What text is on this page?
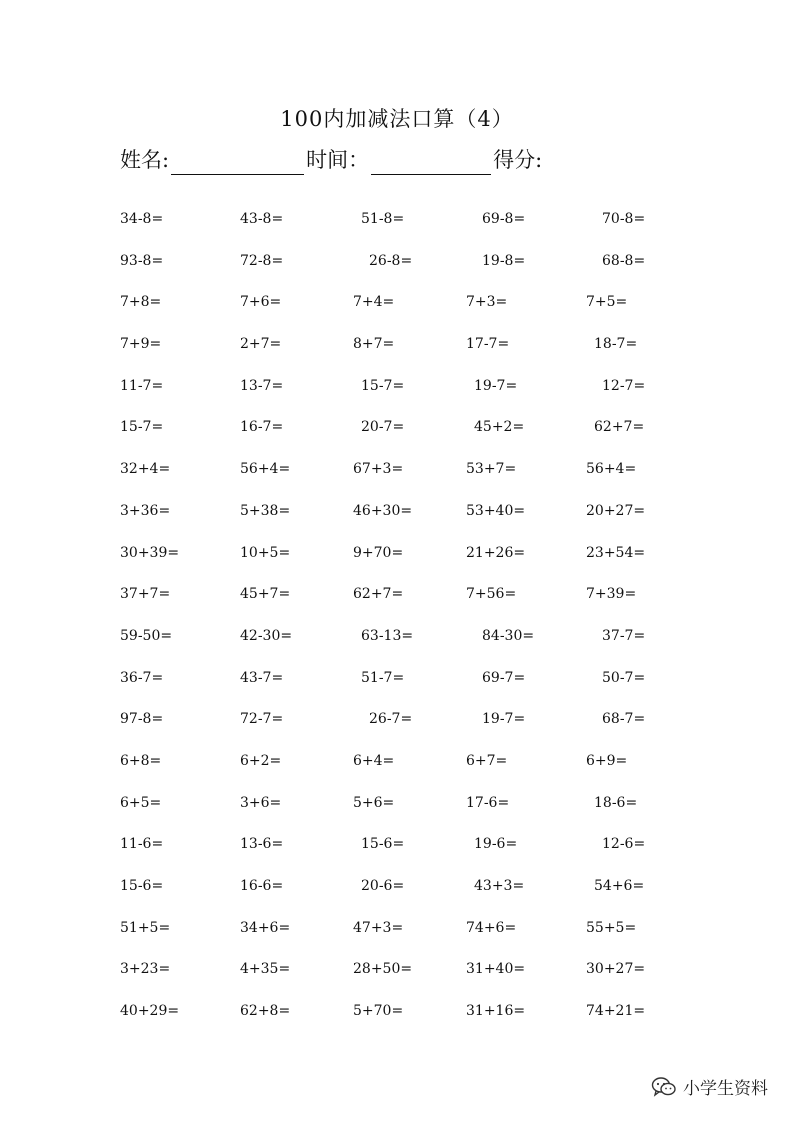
100内加减法口算（4）
姓名:	时间：	得分:
34-8=	43-8=	51-8=	69-8=	70-8=
93-8=	72-8=	26-8=	19-8=	68-8=
7+8=	7+6=	7+4=	7+3=	7+5=
7+9=	2+7=	8+7=	17-7=	18-7=
11-7=	13-7=	15-7=	19-7=	12-7=
15-7=	16-7=	20-7=	45+2=	62+7=
32+4=	56+4=	67+3=	53+7=	56+4=
3+36=	5+38=	46+30=	53+40=	20+27=
30+39=	10+5=	9+70=	21+26=	23+54=
37+7=	45+7=	62+7=	7+56=	7+39=
59-50=	42-30=	63-13=	84-30=	37-7=
36-7=	43-7=	51-7=	69-7=	50-7=
97-8=	72-7=	26-7=	19-7=	68-7=
6+8=	6+2=	6+4=	6+7=	6+9=
6+5=	3+6=	5+6=	17-6=	18-6=
11-6=	13-6=	15-6=	19-6=	12-6=
15-6=	16-6=	20-6=	43+3=	54+6=
51+5=	34+6=	47+3=	74+6=	55+5=
3+23=	4+35=	28+50=	31+40=	30+27=
40+29=	62+8=	5+70=	31+16=	74+21=
小学生资料
